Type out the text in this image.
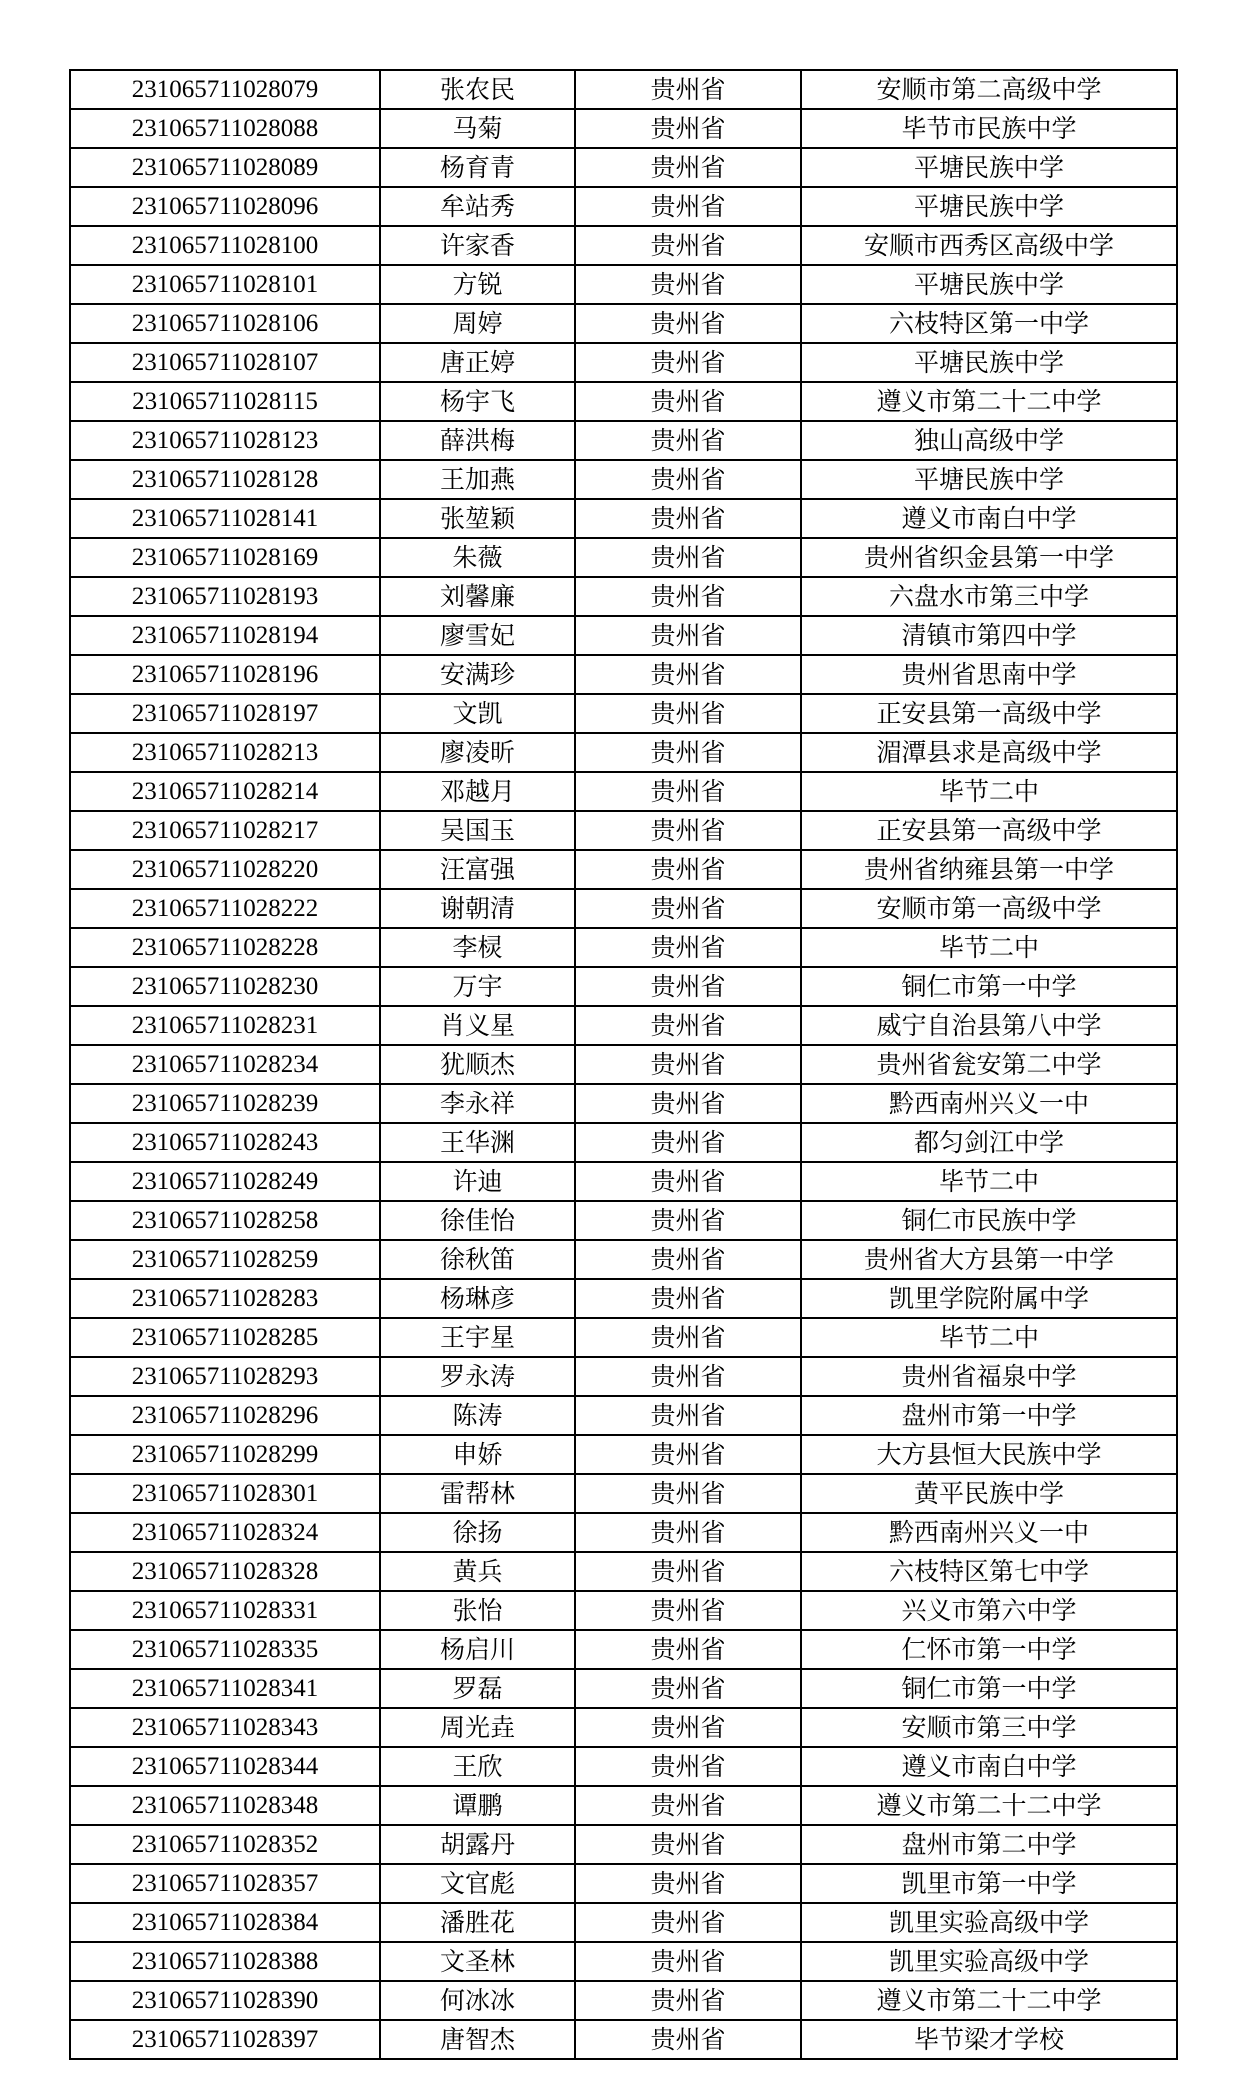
231065711028079	张农民	贵州省	安顺市第二高级中学
231065711028088	马菊	贵州省	毕节市民族中学
231065711028089	杨育青	贵州省	平塘民族中学
231065711028096	牟站秀	贵州省	平塘民族中学
231065711028100	许家香	贵州省	安顺市西秀区高级中学
231065711028101	方锐	贵州省	平塘民族中学
231065711028106	周婷	贵州省	六枝特区第一中学
231065711028107	唐正婷	贵州省	平塘民族中学
231065711028115	杨宇飞	贵州省	遵义市第二十二中学
231065711028123	薛洪梅	贵州省	独山高级中学
231065711028128	王加燕	贵州省	平塘民族中学
231065711028141	张堃颖	贵州省	遵义市南白中学
231065711028169	朱薇	贵州省	贵州省织金县第一中学
231065711028193	刘馨廉	贵州省	六盘水市第三中学
231065711028194	廖雪妃	贵州省	清镇市第四中学
231065711028196	安满珍	贵州省	贵州省思南中学
231065711028197	文凯	贵州省	正安县第一高级中学
231065711028213	廖凌昕	贵州省	湄潭县求是高级中学
231065711028214	邓越月	贵州省	毕节二中
231065711028217	吴国玉	贵州省	正安县第一高级中学
231065711028220	汪富强	贵州省	贵州省纳雍县第一中学
231065711028222	谢朝清	贵州省	安顺市第一高级中学
231065711028228	李棂	贵州省	毕节二中
231065711028230	万宇	贵州省	铜仁市第一中学
231065711028231	肖义星	贵州省	威宁自治县第八中学
231065711028234	犹顺杰	贵州省	贵州省瓮安第二中学
231065711028239	李永祥	贵州省	黔西南州兴义一中
231065711028243	王华渊	贵州省	都匀剑江中学
231065711028249	许迪	贵州省	毕节二中
231065711028258	徐佳怡	贵州省	铜仁市民族中学
231065711028259	徐秋笛	贵州省	贵州省大方县第一中学
231065711028283	杨琳彦	贵州省	凯里学院附属中学
231065711028285	王宇星	贵州省	毕节二中
231065711028293	罗永涛	贵州省	贵州省福泉中学
231065711028296	陈涛	贵州省	盘州市第一中学
231065711028299	申娇	贵州省	大方县恒大民族中学
231065711028301	雷帮林	贵州省	黄平民族中学
231065711028324	徐扬	贵州省	黔西南州兴义一中
231065711028328	黄兵	贵州省	六枝特区第七中学
231065711028331	张怡	贵州省	兴义市第六中学
231065711028335	杨启川	贵州省	仁怀市第一中学
231065711028341	罗磊	贵州省	铜仁市第一中学
231065711028343	周光垚	贵州省	安顺市第三中学
231065711028344	王欣	贵州省	遵义市南白中学
231065711028348	谭鹏	贵州省	遵义市第二十二中学
231065711028352	胡露丹	贵州省	盘州市第二中学
231065711028357	文官彪	贵州省	凯里市第一中学
231065711028384	潘胜花	贵州省	凯里实验高级中学
231065711028388	文圣林	贵州省	凯里实验高级中学
231065711028390	何冰冰	贵州省	遵义市第二十二中学
231065711028397	唐智杰	贵州省	毕节梁才学校
